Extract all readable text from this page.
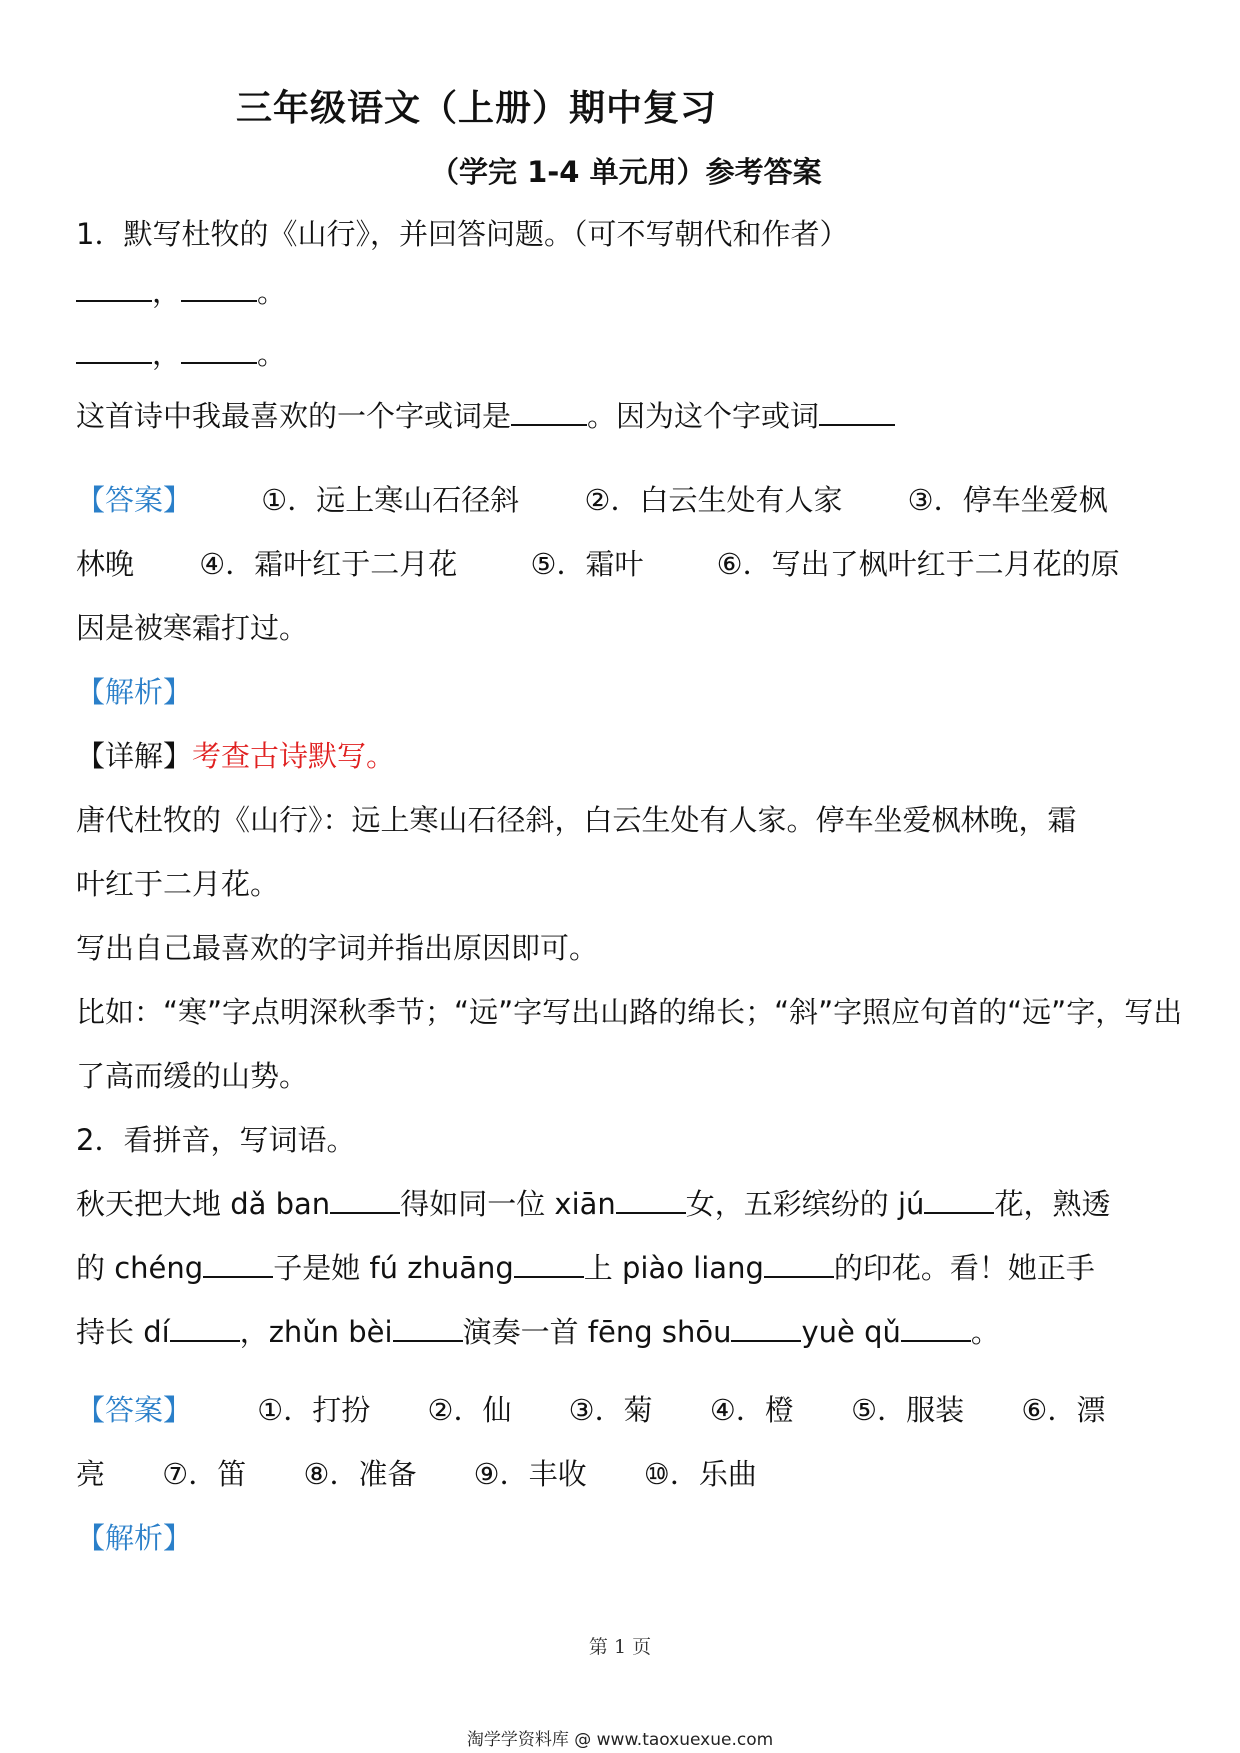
三年级语文（上册）期中复习
（学完 1-4 单元用）参考答案
1．默写杜牧的《山行》，并回答问题。（可不写朝代和作者）
，	。
，	。
这首诗中我最喜欢的一个字或词是	。因为这个字或词
【答案】 ①．远上寒山石径斜 ②．白云生处有人家 ③．停车坐爱枫
林晚 ④．霜叶红于二月花	⑤．霜叶	⑥．写出了枫叶红于二月花的原
因是被寒霜打过。
【解析】
【详解】考查古诗默写。
唐代杜牧的《山行》：远上寒山石径斜，白云生处有人家。停车坐爱枫林晚，霜
叶红于二月花。
写出自己最喜欢的字词并指出原因即可。
比如：“寒”字点明深秋季节；“远”字写出山路的绵长；“斜”字照应句首的“远”字，写出
了高而缓的山势。
2．看拼音，写词语。
秋天把大地 dǎ ban 得如同一位 xiān 女，五彩缤纷的 jú 花，熟透
的 chéng 子是她 fú zhuāng 上 piào liang 的印花。看！她正手
持长 dí ，zhǔn bèi 演奏一首 fēng shōu yuè qǔ 。
【答案】 ①．打扮 ②．仙 ③．菊 ④．橙 ⑤．服装 ⑥．漂
亮 ⑦．笛 ⑧．准备 ⑨．丰收 ⑩．乐曲
【解析】
第 1 页
淘学学资料库 @ www.taoxuexue.com
